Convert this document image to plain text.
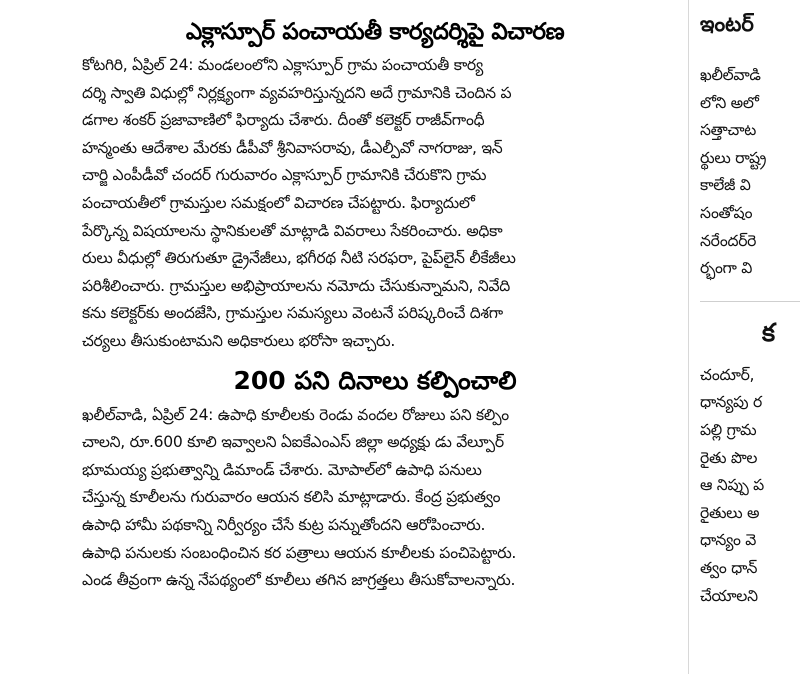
ఎక్లాస్పూర్ పంచాయతీ కార్యదర్శిపై విచారణ

కోటగిరి, ఏప్రిల్ 24: మండలంలోని ఎక్లాస్పూర్ గ్రామ పంచాయతీ కార్య

దర్శి స్వాతి విధుల్లో నిర్లక్ష్యంగా వ్యవహరిస్తున్నదని అదే గ్రామానికి చెందిన ప

డగాల శంకర్ ప్రజావాణిలో ఫిర్యాదు చేశారు. దీంతో కలెక్టర్ రాజీవ్‌గాంధీ

హన్మంతు ఆదేశాల మేరకు డీపీవో శ్రీనివాసరావు, డీఎల్పీవో నాగరాజు, ఇన్

చార్జి ఎంపీడీవో చందర్ గురువారం ఎక్లాస్పూర్ గ్రామానికి చేరుకొని గ్రామ

పంచాయతీలో గ్రామస్తుల సమక్షంలో విచారణ చేపట్టారు. ఫిర్యాదులో

పేర్కొన్న విషయాలను స్థానికులతో మాట్లాడి వివరాలు సేకరించారు. అధికా

రులు వీధుల్లో తిరుగుతూ డ్రైనేజీలు, భగీరథ నీటి సరఫరా, పైప్‌లైన్ లీకేజీలు

పరిశీలించారు. గ్రామస్తుల అభిప్రాయాలను నమోదు చేసుకున్నామని, నివేది

కను కలెక్టర్‌కు అందజేసి, గ్రామస్తుల సమస్యలు వెంటనే పరిష్కరించే దిశగా

చర్యలు తీసుకుంటామని అధికారులు భరోసా ఇచ్చారు.

200 పని దినాలు కల్పించాలి

ఖలీల్‌వాడి, ఏప్రిల్ 24: ఉపాధి కూలీలకు రెండు వందల రోజులు పని కల్పిం

చాలని, రూ.600 కూలి ఇవ్వాలని ఏఐకేఎంఎస్ జిల్లా అధ్యక్షు డు వేల్పూర్

భూమయ్య ప్రభుత్వాన్ని డిమాండ్ చేశారు. మోపాల్‌లో ఉపాధి పనులు

చేస్తున్న కూలీలను గురువారం ఆయన కలిసి మాట్లాడారు. కేంద్ర ప్రభుత్వం

ఉపాధి హామీ పథకాన్ని నిర్వీర్యం చేసే కుట్ర పన్నుతోందని ఆరోపించారు.

ఉపాధి పనులకు సంబంధించిన కర పత్రాలు ఆయన కూలీలకు పంచిపెట్టారు.

ఎండ తీవ్రంగా ఉన్న నేపథ్యంలో కూలీలు తగిన జాగ్రత్తలు తీసుకోవాలన్నారు.

ఇంటర్
ఖలీల్‌వాడి
లోని అలో
సత్తాచాట
ర్థులు రాష్ట్ర
కాలేజీ వి
సంతోషం
నరేందర్‌రె
ర్భంగా వి
క
చందూర్,
ధాన్యపు ర
పల్లి గ్రామ
రైతు పొల
ఆ నిప్పు ప
రైతులు అ
ధాన్యం వె
త్వం ధాన్
చేయాలని
